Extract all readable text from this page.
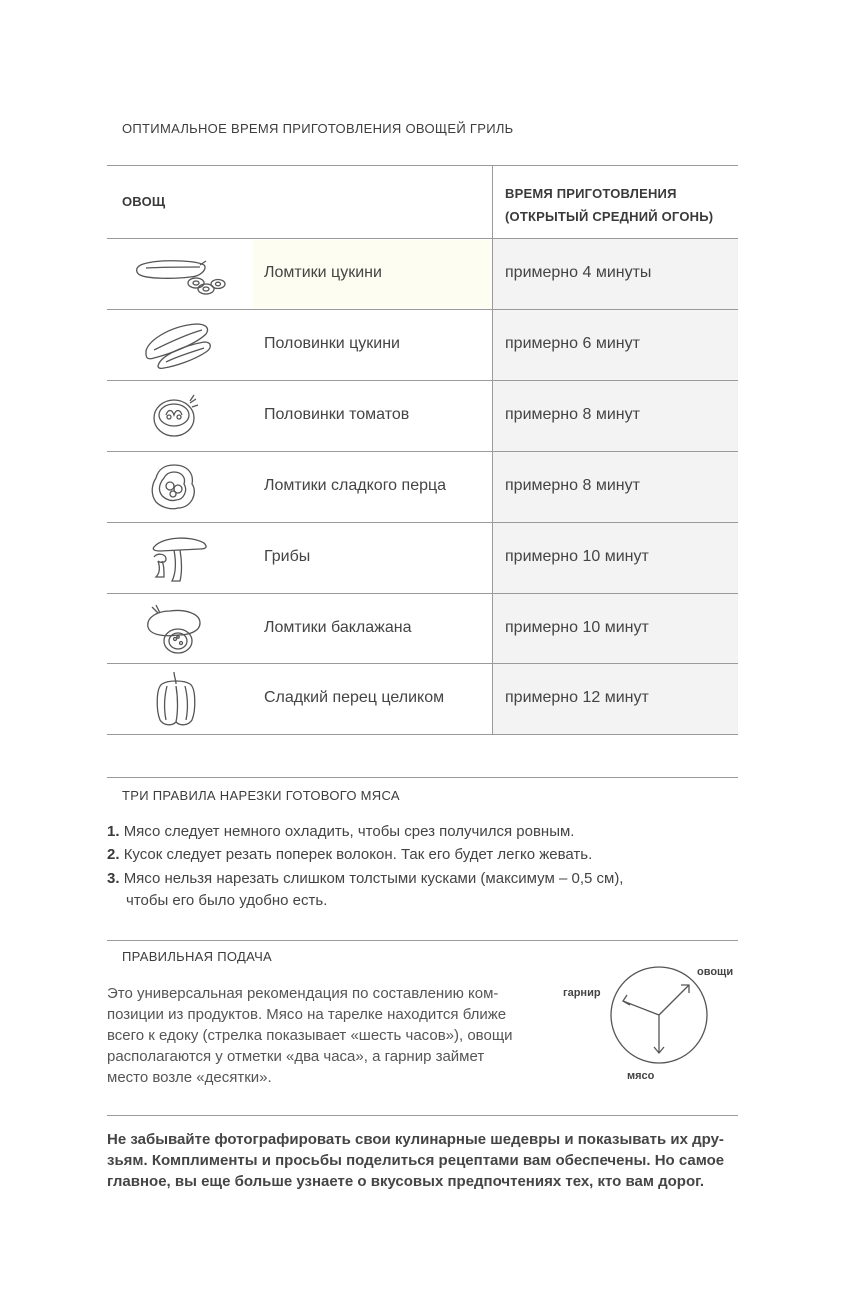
ОПТИМАЛЬНОЕ ВРЕМЯ ПРИГОТОВЛЕНИЯ ОВОЩЕЙ ГРИЛЬ
ОВОЩ
ВРЕМЯ ПРИГОТОВЛЕНИЯ
(ОТКРЫТЫЙ СРЕДНИЙ ОГОНЬ)
Ломтики цукини	примерно 4 минуты
Половинки цукини	примерно 6 минут
Половинки томатов	примерно 8 минут
Ломтики сладкого перца	примерно 8 минут
Грибы	примерно 10 минут
Ломтики баклажана	примерно 10 минут
Сладкий перец целиком	примерно 12 минут
ТРИ ПРАВИЛА НАРЕЗКИ ГОТОВОГО МЯСА
1. Мясо следует немного охладить, чтобы срез получился ровным.
2. Кусок следует резать поперек волокон. Так его будет легко жевать.
3. Мясо нельзя нарезать слишком толстыми кусками (максимум – 0,5 см),
чтобы его было удобно есть.
ПРАВИЛЬНАЯ ПОДАЧА
Это универсальная рекомендация по составлению ком-
позиции из продуктов. Мясо на тарелке находится ближе
всего к едоку (стрелка показывает «шесть часов»), овощи
располагаются у отметки «два часа», а гарнир займет
место возле «десятки».
гарнир
овощи
мясо
Не забывайте фотографировать свои кулинарные шедевры и показывать их дру-
зьям. Комплименты и просьбы поделиться рецептами вам обеспечены. Но самое
главное, вы еще больше узнаете о вкусовых предпочтениях тех, кто вам дорог.
